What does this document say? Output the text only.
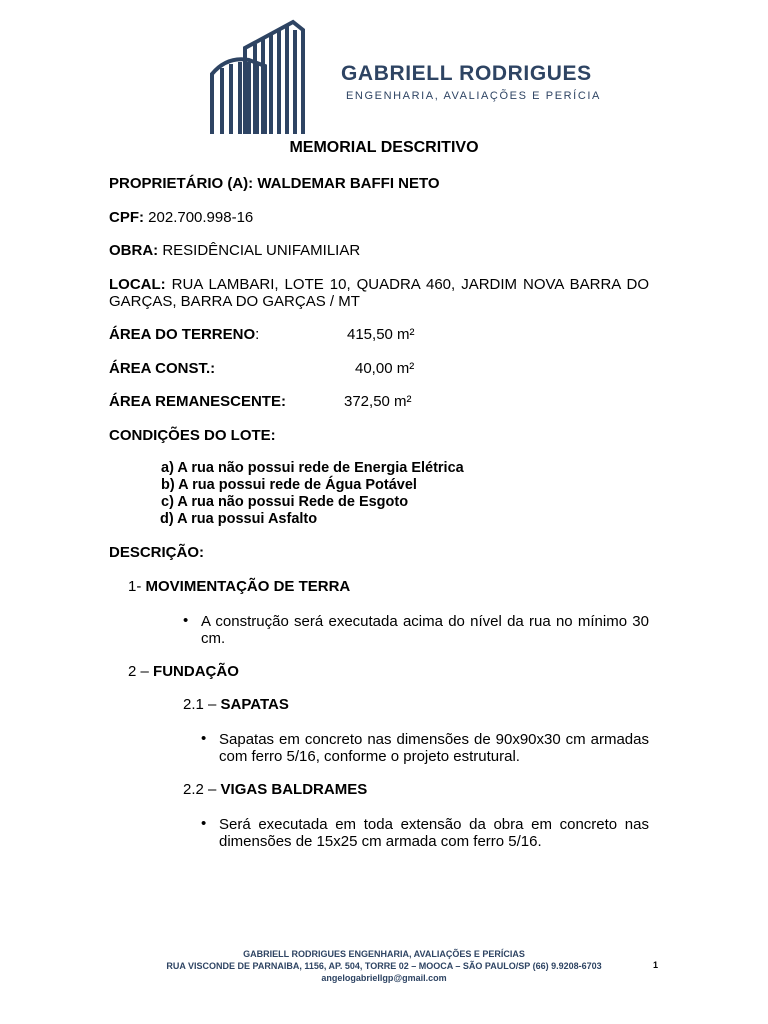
GABRIELL RODRIGUES
ENGENHARIA, AVALIAÇÕES E PERÍCIA
MEMORIAL DESCRITIVO
PROPRIETÁRIO (A): WALDEMAR BAFFI NETO
CPF: 202.700.998-16
OBRA: RESIDÊNCIAL UNIFAMILIAR
LOCAL: RUA LAMBARI, LOTE 10, QUADRA 460, JARDIM NOVA BARRA DO GARÇAS, BARRA DO GARÇAS / MT
ÁREA DO TERRENO:	415,50 m²
ÁREA CONST.:	40,00 m²
ÁREA REMANESCENTE:	372,50 m²
CONDIÇÕES DO LOTE:
a) A rua não possui rede de Energia Elétrica
b) A rua possui rede de Água Potável
c) A rua não possui Rede de Esgoto
d) A rua possui Asfalto
DESCRIÇÃO:
1- MOVIMENTAÇÃO DE TERRA
• A construção será executada acima do nível da rua no mínimo 30 cm.
2 – FUNDAÇÃO
2.1 – SAPATAS
• Sapatas em concreto nas dimensões de 90x90x30 cm armadas com ferro 5/16, conforme o projeto estrutural.
2.2 – VIGAS BALDRAMES
• Será executada em toda extensão da obra em concreto nas dimensões de 15x25 cm armada com ferro 5/16.
GABRIELL RODRIGUES ENGENHARIA, AVALIAÇÕES E PERÍCIAS
RUA VISCONDE DE PARNAIBA, 1156, AP. 504, TORRE 02 – MOOCA – SÃO PAULO/SP (66) 9.9208-6703
angelogabriellgp@gmail.com
1
